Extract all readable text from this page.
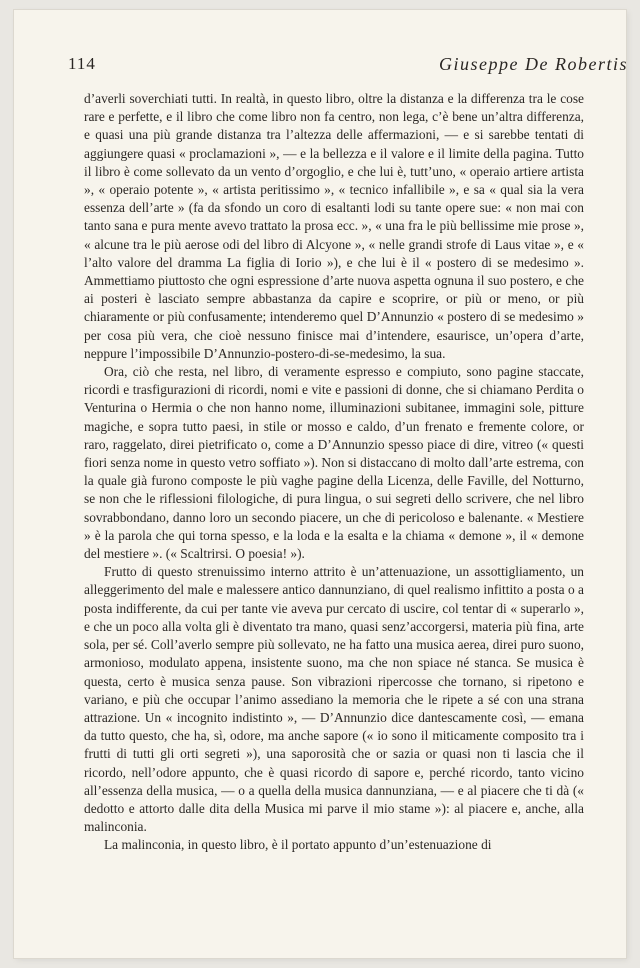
114	Giuseppe De Robertis

d’averli soverchiati tutti. In realtà, in questo libro, oltre la distanza e la differenza tra le cose rare e perfette, e il libro che come libro non fa centro, non lega, c’è bene un’altra differenza, e quasi una più grande distanza tra l’altezza delle affermazioni, — e si sarebbe tentati di aggiungere quasi « proclamazioni », — e la bellezza e il valore e il limite della pagina. Tutto il libro è come sollevato da un vento d’orgoglio, e che lui è, tutt’uno, « operaio artiere artista », « operaio potente », « artista peritissimo », « tecnico infallibile », e sa « qual sia la vera essenza dell’arte » (fa da sfondo un coro di esaltanti lodi su tante opere sue: « non mai con tanto sana e pura mente avevo trattato la prosa ecc. », « una fra le più bellissime mie prose », « alcune tra le più aerose odi del libro di Alcyone », « nelle grandi strofe di Laus vitae », e « l’alto valore del dramma La figlia di Iorio »), e che lui è il « postero di se medesimo ». Ammettiamo piuttosto che ogni espressione d’arte nuova aspetta ognuna il suo postero, e che ai posteri è lasciato sempre abbastanza da capire e scoprire, or più or meno, or più chiaramente or più confusamente; intenderemo quel D’Annunzio « postero di se medesimo » per cosa più vera, che cioè nessuno finisce mai d’intendere, esaurisce, un’opera d’arte, neppure l’impossibile D’Annunzio-postero-di-se-medesimo, la sua.

Ora, ciò che resta, nel libro, di veramente espresso e compiuto, sono pagine staccate, ricordi e trasfigurazioni di ricordi, nomi e vite e passioni di donne, che si chiamano Perdita o Venturina o Hermia o che non hanno nome, illuminazioni subitanee, immagini sole, pitture magiche, e sopra tutto paesi, in stile or mosso e caldo, d’un frenato e fremente colore, or raro, raggelato, direi pietrificato o, come a D’Annunzio spesso piace di dire, vitreo (« questi fiori senza nome in questo vetro soffiato »). Non si distaccano di molto dall’arte estrema, con la quale già furono composte le più vaghe pagine della Licenza, delle Faville, del Notturno, se non che le riflessioni filologiche, di pura lingua, o sui segreti dello scrivere, che nel libro sovrabbondano, danno loro un secondo piacere, un che di pericoloso e balenante. « Mestiere » è la parola che qui torna spesso, e la loda e la esalta e la chiama « demone », il « demone del mestiere ». (« Scaltrirsi. O poesia! »).

Frutto di questo strenuissimo interno attrito è un’attenuazione, un assottigliamento, un alleggerimento del male e malessere antico dannunziano, di quel realismo infittito a posta o a posta indifferente, da cui per tante vie aveva pur cercato di uscire, col tentar di « superarlo », e che un poco alla volta gli è diventato tra mano, quasi senz’accorgersi, materia più fina, arte sola, per sé. Coll’averlo sempre più sollevato, ne ha fatto una musica aerea, direi puro suono, armonioso, modulato appena, insistente suono, ma che non spiace né stanca. Se musica è questa, certo è musica senza pause. Son vibrazioni ripercosse che tornano, si ripetono e variano, e più che occupar l’animo assediano la memoria che le ripete a sé con una strana attrazione. Un « incognito indistinto », — D’Annunzio dice dantescamente così, — emana da tutto questo, che ha, sì, odore, ma anche sapore (« io sono il miticamente composito tra i frutti di tutti gli orti segreti »), una saporosità che or sazia or quasi non ti lascia che il ricordo, nell’odore appunto, che è quasi ricordo di sapore e, perché ricordo, tanto vicino all’essenza della musica, — o a quella della musica dannunziana, — e al piacere che ti dà (« dedotto e attorto dalle dita della Musica mi parve il mio stame »): al piacere e, anche, alla malinconia.

La malinconia, in questo libro, è il portato appunto d’un’estenuazione di
